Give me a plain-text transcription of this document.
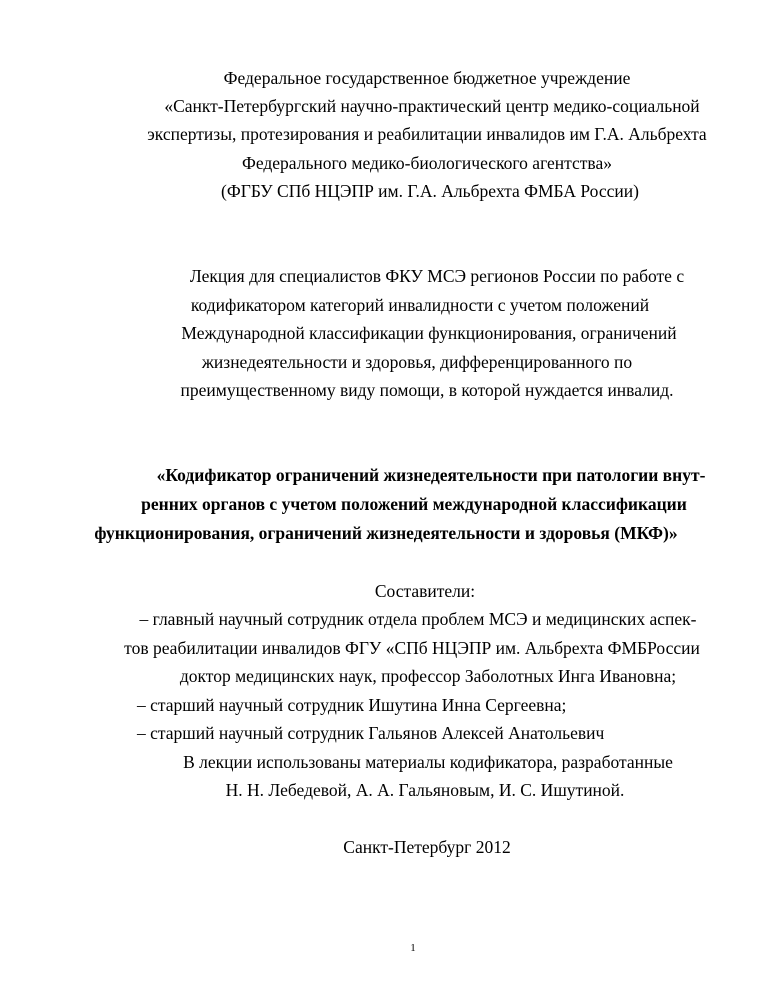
Федеральное государственное бюджетное учреждение
«Санкт-Петербургский научно-практический центр медико-социальной
экспертизы, протезирования и реабилитации инвалидов им Г.А. Альбрехта
Федерального медико-биологического агентства»
(ФГБУ СПб НЦЭПР им. Г.А. Альбрехта ФМБА России)
Лекция для специалистов ФКУ МСЭ регионов России по работе с
кодификатором категорий инвалидности с учетом положений
Международной классификации функционирования, ограничений
жизнедеятельности и здоровья, дифференцированного по
преимущественному виду помощи, в которой нуждается инвалид.
«Кодификатор ограничений жизнедеятельности при патологии внут-
ренних органов с учетом положений международной классификации
функционирования, ограничений жизнедеятельности и здоровья (МКФ)»
Составители:
– главный научный сотрудник отдела проблем МСЭ и медицинских аспек-
тов реабилитации инвалидов ФГУ «СПб НЦЭПР им. Альбрехта ФМБРоссии
доктор медицинских наук, профессор Заболотных Инга Ивановна;
– старший научный сотрудник Ишутина Инна Сергеевна;
– старший научный сотрудник Гальянов Алексей Анатольевич
В лекции использованы материалы кодификатора, разработанные
Н. Н. Лебедевой, А. А. Гальяновым, И. С. Ишутиной.
Санкт-Петербург 2012
1
